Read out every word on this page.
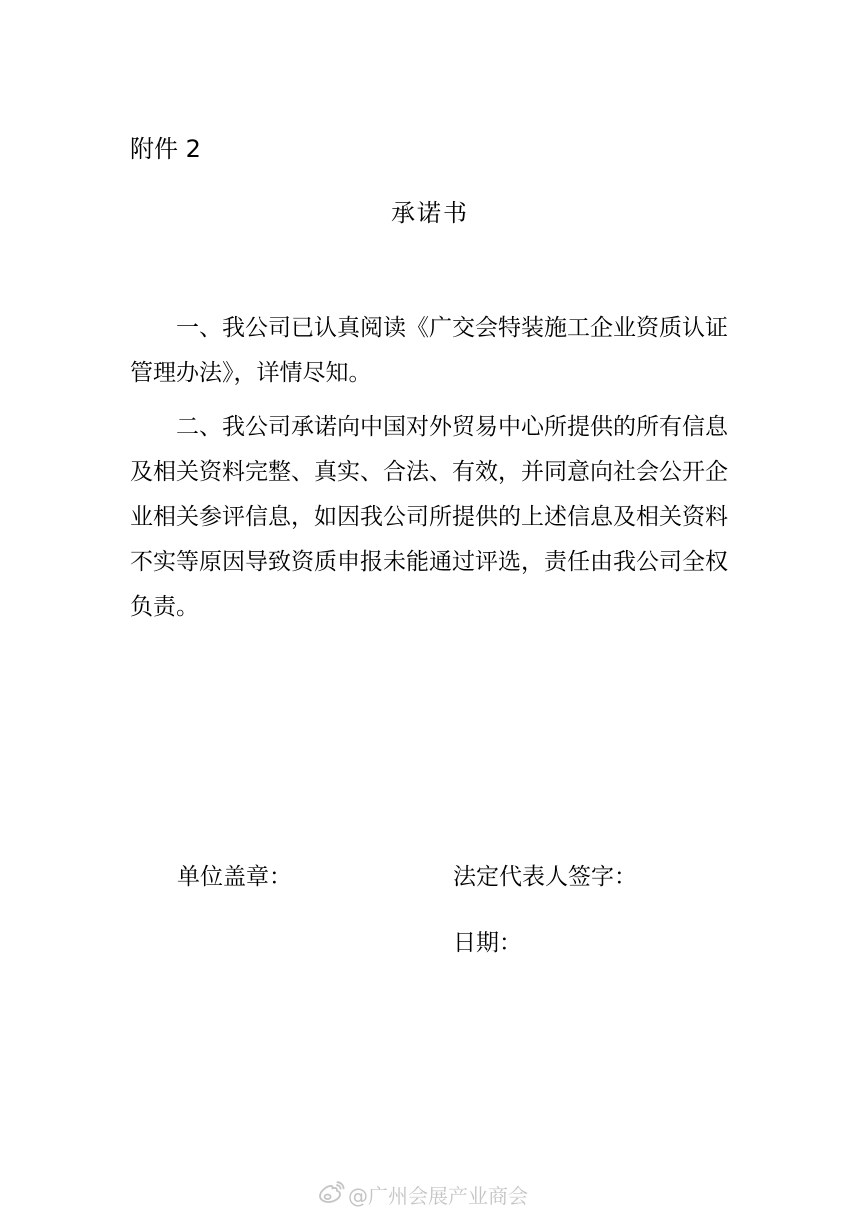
附件 2
承诺书

一、我公司已认真阅读《广交会特装施工企业资质认证管理办法》，详情尽知。

二、我公司承诺向中国对外贸易中心所提供的所有信息及相关资料完整、真实、合法、有效，并同意向社会公开企业相关参评信息，如因我公司所提供的上述信息及相关资料不实等原因导致资质申报未能通过评选，责任由我公司全权负责。

单位盖章：	法定代表人签字：
日期：
@广州会展产业商会
